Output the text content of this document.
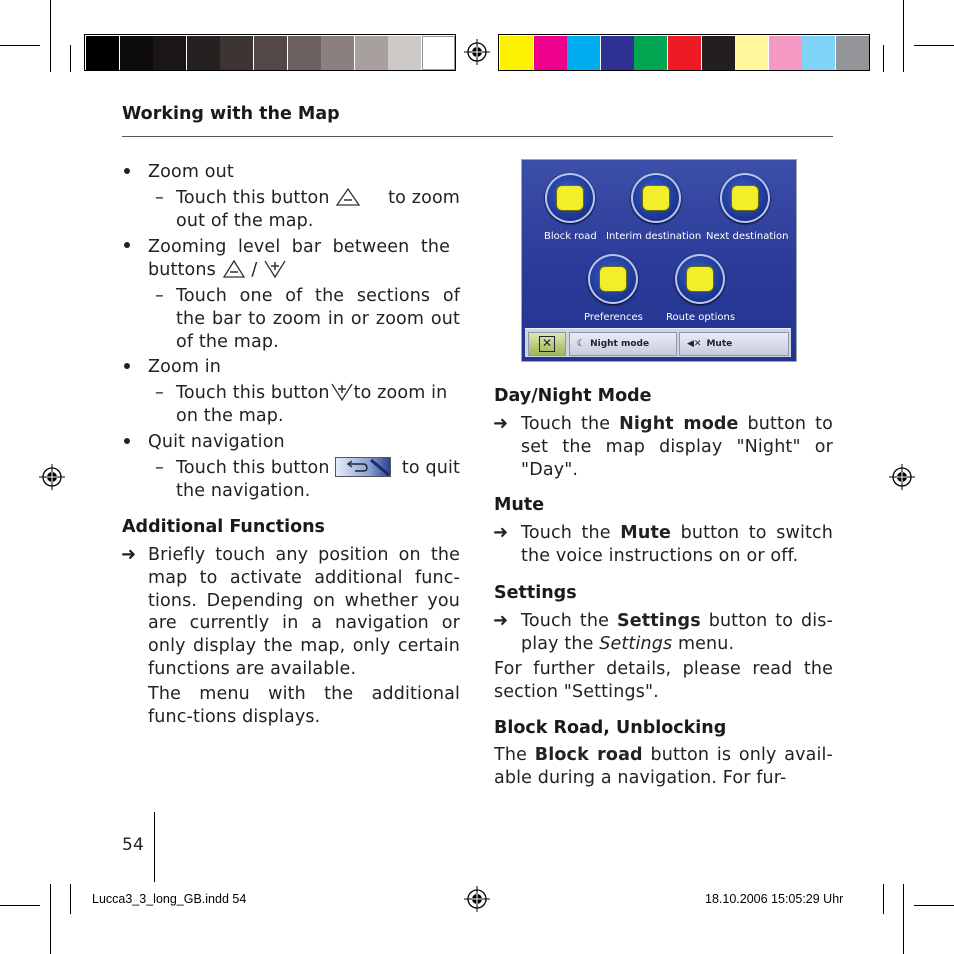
Working with the Map
Zoom out
– Touch this button	to zoom
out of the map.
Zooming  level  bar  between  the
buttons /
– Touch one of the sections of the bar to zoom in or zoom out of the map.
Zoom in
– Touch this button to zoom in
on the map.
Quit navigation
– Touch this button	to quit
the navigation.
Additional Functions
➜ Briefly touch any position on the map to activate additional func-tions. Depending on whether you are currently in a navigation or only display the map, only certain functions are available.
The menu with the additional func-tions displays.
Block road Interim destination Next destination
Preferences Route options
✕	☾ Night mode	◀✕ Mute
Day/Night Mode
➜ Touch the Night mode button to set the map display "Night" or "Day".
Mute
➜ Touch the Mute button to switch the voice instructions on or off.
Settings
➜ Touch the Settings button to dis-play the Settings menu.
For further details, please read the section "Settings".
Block Road, Unblocking
The Block road button is only avail-able during a navigation. For fur-
54
Lucca3_3_long_GB.indd 54	18.10.2006 15:05:29 Uhr
